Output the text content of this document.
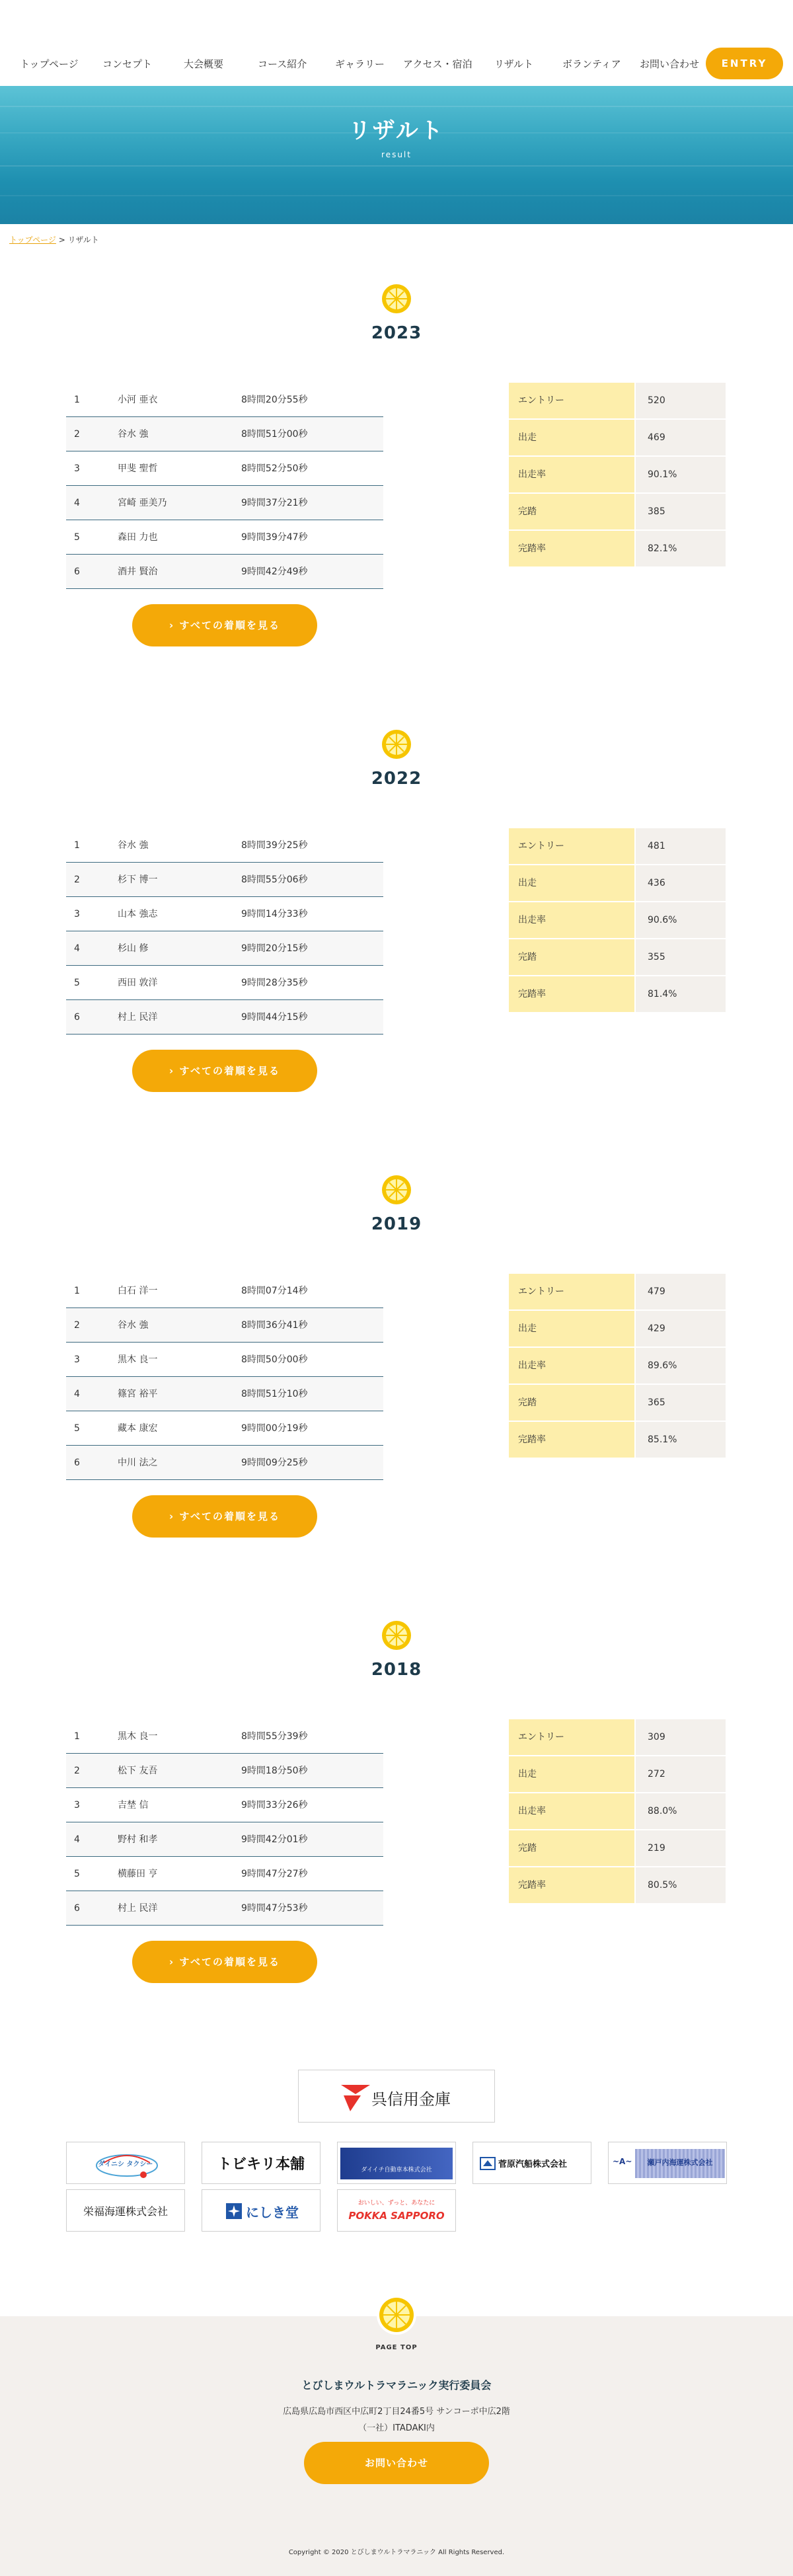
トップページ コンセプト	大会概要	コース紹介	ギャラリー アクセス・宿泊 リザルト	ボランティア お問い合わせ	ENTRY
リザルト
result
トップページ > リザルト
2023
1	小河 亜衣	8時間20分55秒
2	谷水 強	8時間51分00秒
3	甲斐 聖哲	8時間52分50秒
4	宮崎 亜美乃	9時間37分21秒
5	森田 力也	9時間39分47秒
6	酒井 賢治	9時間42分49秒
› すべての着順を見る
エントリー	520
出走	469
出走率	90.1%
完踏	385
完踏率	82.1%
2022
1	谷水 強	8時間39分25秒
2	杉下 博一	8時間55分06秒
3	山本 強志	9時間14分33秒
4	杉山 修	9時間20分15秒
5	西田 敦洋	9時間28分35秒
6	村上 民洋	9時間44分15秒
› すべての着順を見る
エントリー	481
出走	436
出走率	90.6%
完踏	355
完踏率	81.4%
2019
1	白石 洋一	8時間07分14秒
2	谷水 強	8時間36分41秒
3	黒木 良一	8時間50分00秒
4	篠宮 裕平	8時間51分10秒
5	藏本 康宏	9時間00分19秒
6	中川 法之	9時間09分25秒
› すべての着順を見る
エントリー	479
出走	429
出走率	89.6%
完踏	365
完踏率	85.1%
2018
1	黒木 良一	8時間55分39秒
2	松下 友吾	9時間18分50秒
3	吉埜 信	9時間33分26秒
4	野村 和孝	9時間42分01秒
5	横藤田 亨	9時間47分27秒
6	村上 民洋	9時間47分53秒
› すべての着順を見る
エントリー	309
出走	272
出走率	88.0%
完踏	219
完踏率	80.5%
呉信用金庫
ダイニシ タクシー	トビキリ本舗	ダイイチ自動車本株式会社
菅原汽船株式会社	~A~	瀬戸内海運株式会社
栄福海運株式会社	にしき堂
おいしい、ずっと、あなたに
POKKA SAPPORO
PAGE TOP
とびしまウルトラマラニック実行委員会
広島県広島市西区中広町2丁目24番5号 サンコーポ中広2階
（一社）ITADAKI内
お問い合わせ
Copyright © 2020 とびしまウルトラマラニック All Rights Reserved.
